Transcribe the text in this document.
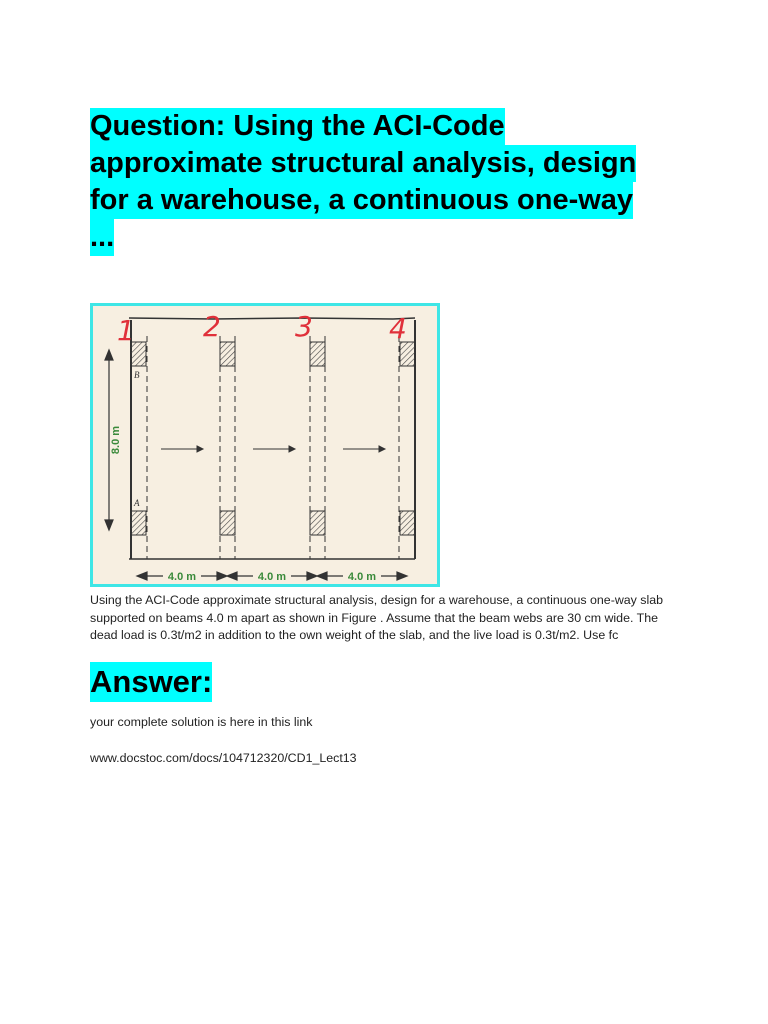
Question: Using the ACI-Code
approximate structural analysis, design
for a warehouse, a continuous one-way
...
B
A
8.0 m
4.0 m	4.0 m	4.0 m
1 2	3	4

Using the ACI-Code approximate structural analysis, design for a warehouse, a continuous one-way slab supported on beams 4.0 m apart as shown in Figure . Assume that the beam webs are 30 cm wide. The dead load is 0.3t/m2 in addition to the own weight of the slab, and the live load is 0.3t/m2. Use fc

Answer:

your complete solution is here in this link

www.docstoc.com/docs/104712320/CD1_Lect13
